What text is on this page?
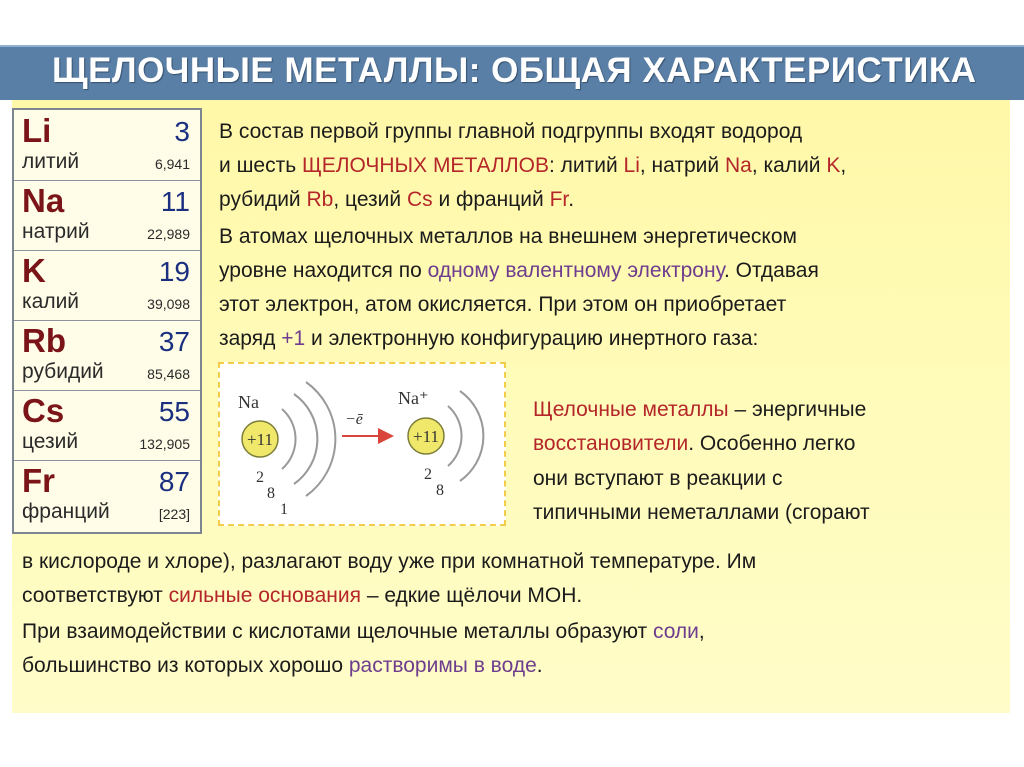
ЩЕЛОЧНЫЕ МЕТАЛЛЫ: ОБЩАЯ ХАРАКТЕРИСТИКА
Li	3
литий	6,941
Na	11
натрий	22,989
K	19
калий	39,098
Rb	37
рубидий	85,468
Cs	55
цезий	132,905
Fr	87
франций	[223]
В состав первой группы главной подгруппы входят водород
и шесть ЩЕЛОЧНЫХ МЕТАЛЛОВ: литий Li, натрий Na, калий K,
рубидий Rb, цезий Cs и франций Fr.
В атомах щелочных металлов на внешнем энергетическом
уровне находится по одному валентному электрону. Отдавая
этот электрон, атом окисляется. При этом он приобретает
заряд +1 и электронную конфигурацию инертного газа:
Na
+11
2
8
1
−ē
Na⁺
+11
2
8
Щелочные металлы – энергичные
восстановители. Особенно легко
они вступают в реакции с
типичными неметаллами (сгорают
в кислороде и хлоре), разлагают воду уже при комнатной температуре. Им
соответствуют сильные основания – едкие щёлочи МОН.
При взаимодействии с кислотами щелочные металлы образуют соли,
большинство из которых хорошо растворимы в воде.
